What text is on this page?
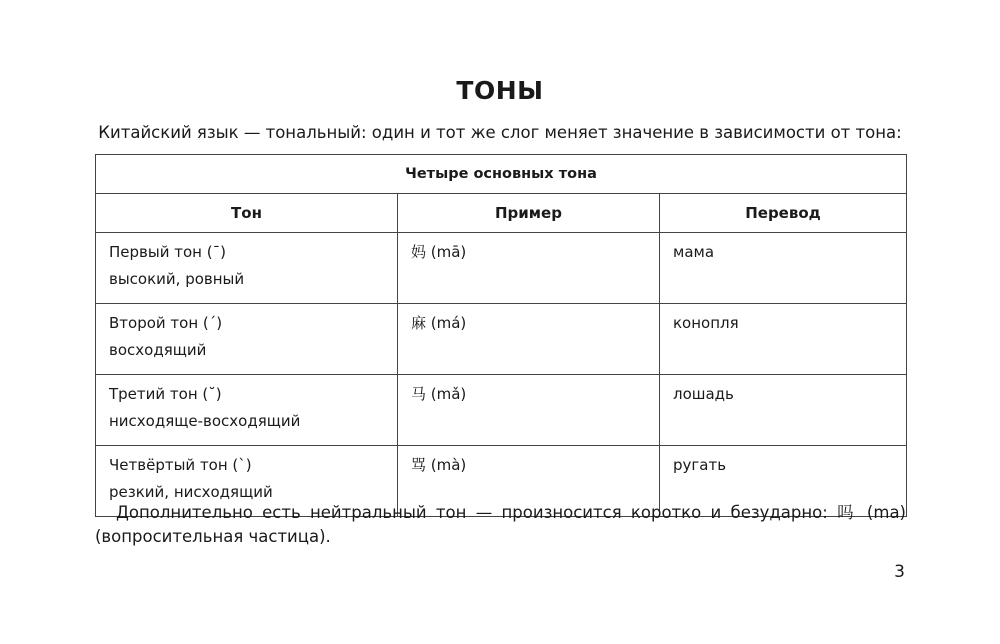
ТОНЫ
Китайский язык — тональный: один и тот же слог меняет значение в зависимости от тона:
Четыре основных тона		
Тон	Пример	Перевод

Первый тон (¯)
высокий, ровный	妈 (mā)	мама

Второй тон (´)
восходящий	麻 (má)	конопля

Третий тон (˘)
нисходяще-восходящий	马 (mǎ)	лошадь

Четвёртый тон (`)
резкий, нисходящий	骂 (mà)	ругать
Дополнительно есть нейтральный тон — произносится коротко и безударно: 吗 (ma) (вопросительная частица).
3
